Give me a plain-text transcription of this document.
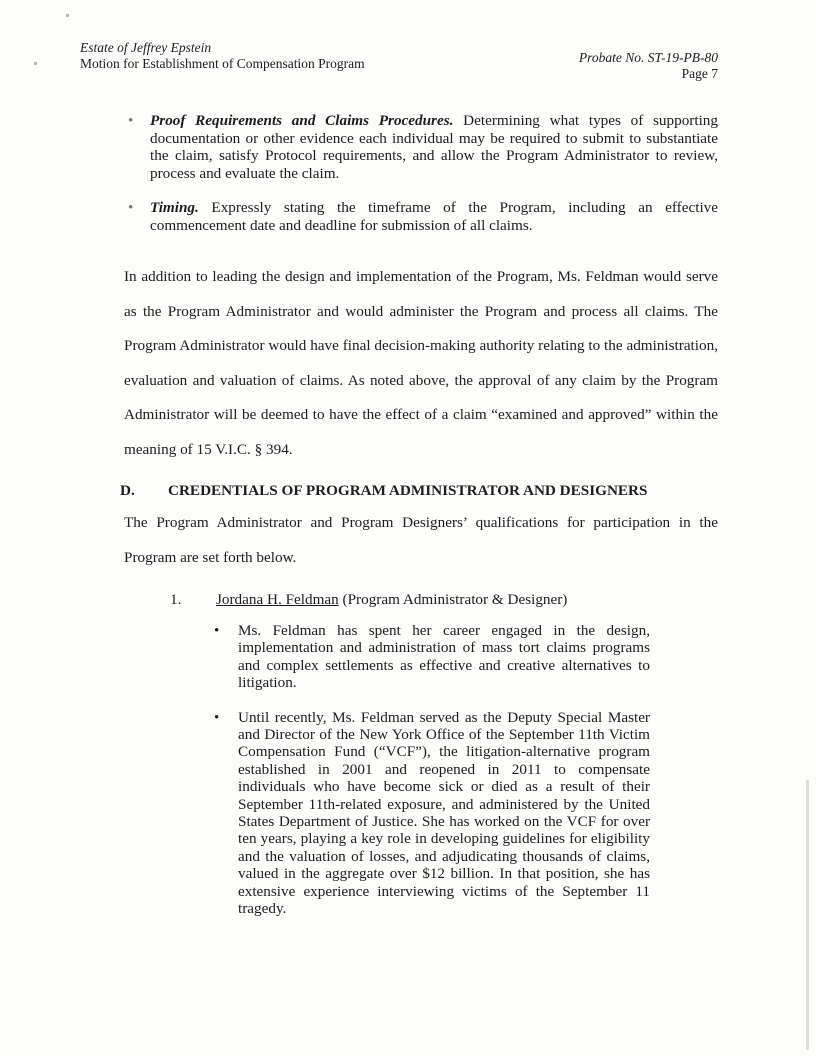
Estate of Jeffrey Epstein
Motion for Establishment of Compensation Program	Probate No. ST-19-PB-80
Page 7
• Proof Requirements and Claims Procedures. Determining what types of supporting documentation or other evidence each individual may be required to submit to substantiate the claim, satisfy Protocol requirements, and allow the Program Administrator to review, process and evaluate the claim.
• Timing. Expressly stating the timeframe of the Program, including an effective commencement date and deadline for submission of all claims.
In addition to leading the design and implementation of the Program, Ms. Feldman would serve as the Program Administrator and would administer the Program and process all claims. The Program Administrator would have final decision-making authority relating to the administration, evaluation and valuation of claims. As noted above, the approval of any claim by the Program Administrator will be deemed to have the effect of a claim “examined and approved” within the meaning of 15 V.I.C. § 394.
D. CREDENTIALS OF PROGRAM ADMINISTRATOR AND DESIGNERS
The Program Administrator and Program Designers’ qualifications for participation in the Program are set forth below.
1. Jordana H. Feldman (Program Administrator & Designer)
• Ms. Feldman has spent her career engaged in the design, implementation and administration of mass tort claims programs and complex settlements as effective and creative alternatives to litigation.
• Until recently, Ms. Feldman served as the Deputy Special Master and Director of the New York Office of the September 11th Victim Compensation Fund (“VCF”), the litigation-alternative program established in 2001 and reopened in 2011 to compensate individuals who have become sick or died as a result of their September 11th-related exposure, and administered by the United States Department of Justice. She has worked on the VCF for over ten years, playing a key role in developing guidelines for eligibility and the valuation of losses, and adjudicating thousands of claims, valued in the aggregate over $12 billion. In that position, she has extensive experience interviewing victims of the September 11 tragedy.
